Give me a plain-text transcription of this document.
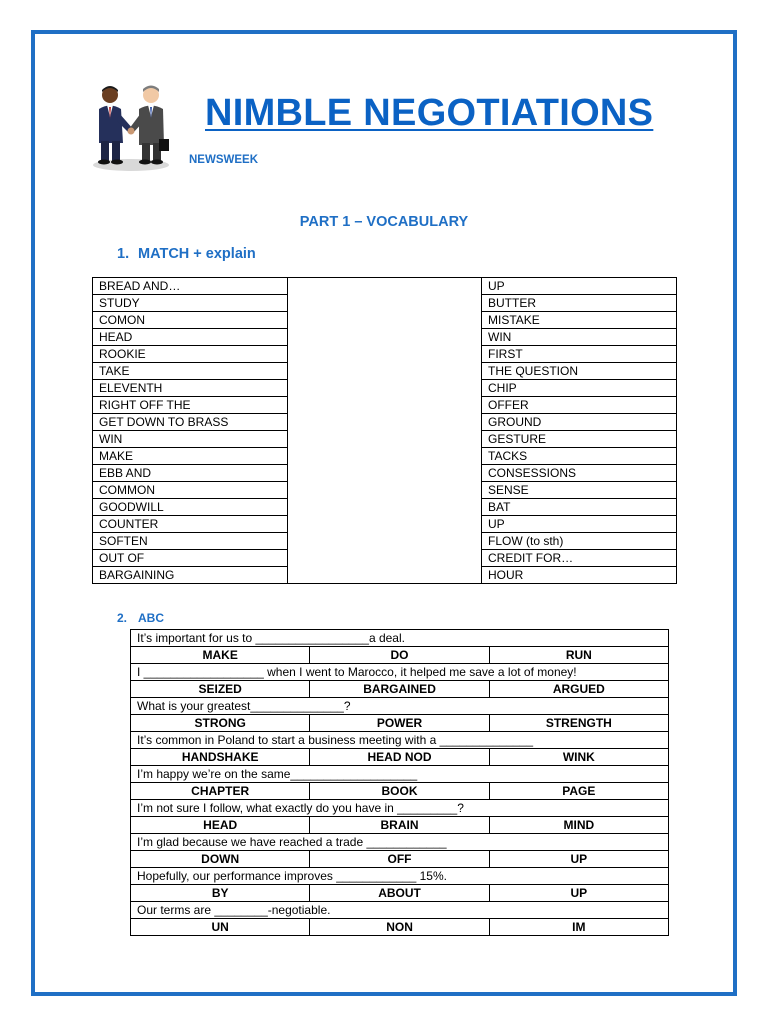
NIMBLE NEGOTIATIONS
NEWSWEEK
PART 1 – VOCABULARY
1. MATCH + explain
BREAD AND…		UP
STUDY		BUTTER
COMON		MISTAKE
HEAD		WIN
ROOKIE		FIRST
TAKE		THE QUESTION
ELEVENTH		CHIP
RIGHT OFF THE		OFFER
GET DOWN TO BRASS		GROUND
WIN		GESTURE
MAKE		TACKS
EBB AND		CONSESSIONS
COMMON		SENSE
GOODWILL		BAT
COUNTER		UP
SOFTEN		FLOW (to sth)
OUT OF		CREDIT FOR…
BARGAINING		HOUR
2. ABC
It’s important for us to _________________a deal.		
MAKE	DO	RUN
I __________________ when I went to Marocco, it helped me save a lot of money!		
SEIZED	BARGAINED	ARGUED
What is your greatest______________?		
STRONG	POWER	STRENGTH
It’s common in Poland to start a business meeting with a ______________		
HANDSHAKE	HEAD NOD	WINK
I’m happy we’re on the same___________________		
CHAPTER	BOOK	PAGE
I’m not sure I follow, what exactly do you have in _________?		
HEAD	BRAIN	MIND
I’m glad because we have reached a trade ____________		
DOWN	OFF	UP
Hopefully, our performance improves ____________ 15%.		
BY	ABOUT	UP
Our terms are ________-negotiable.		
UN	NON	IM
